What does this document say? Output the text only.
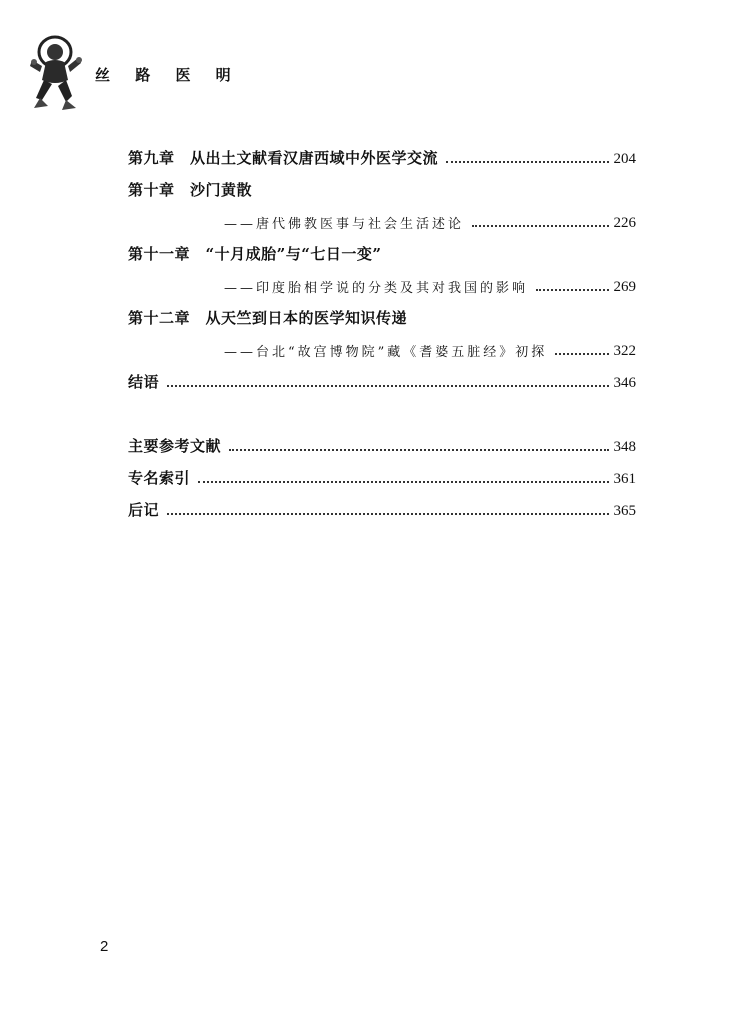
丝 路 医 明
第九章　从出土文献看汉唐西域中外医学交流	204
第十章　沙门黄散
——唐代佛教医事与社会生活述论	226
第十一章　“十月成胎”与“七日一变”
——印度胎相学说的分类及其对我国的影响	269
第十二章　从天竺到日本的医学知识传递
——台北“故宫博物院”藏《耆婆五脏经》初探	322
结语	346
主要参考文献	348
专名索引	361
后记	365
2
